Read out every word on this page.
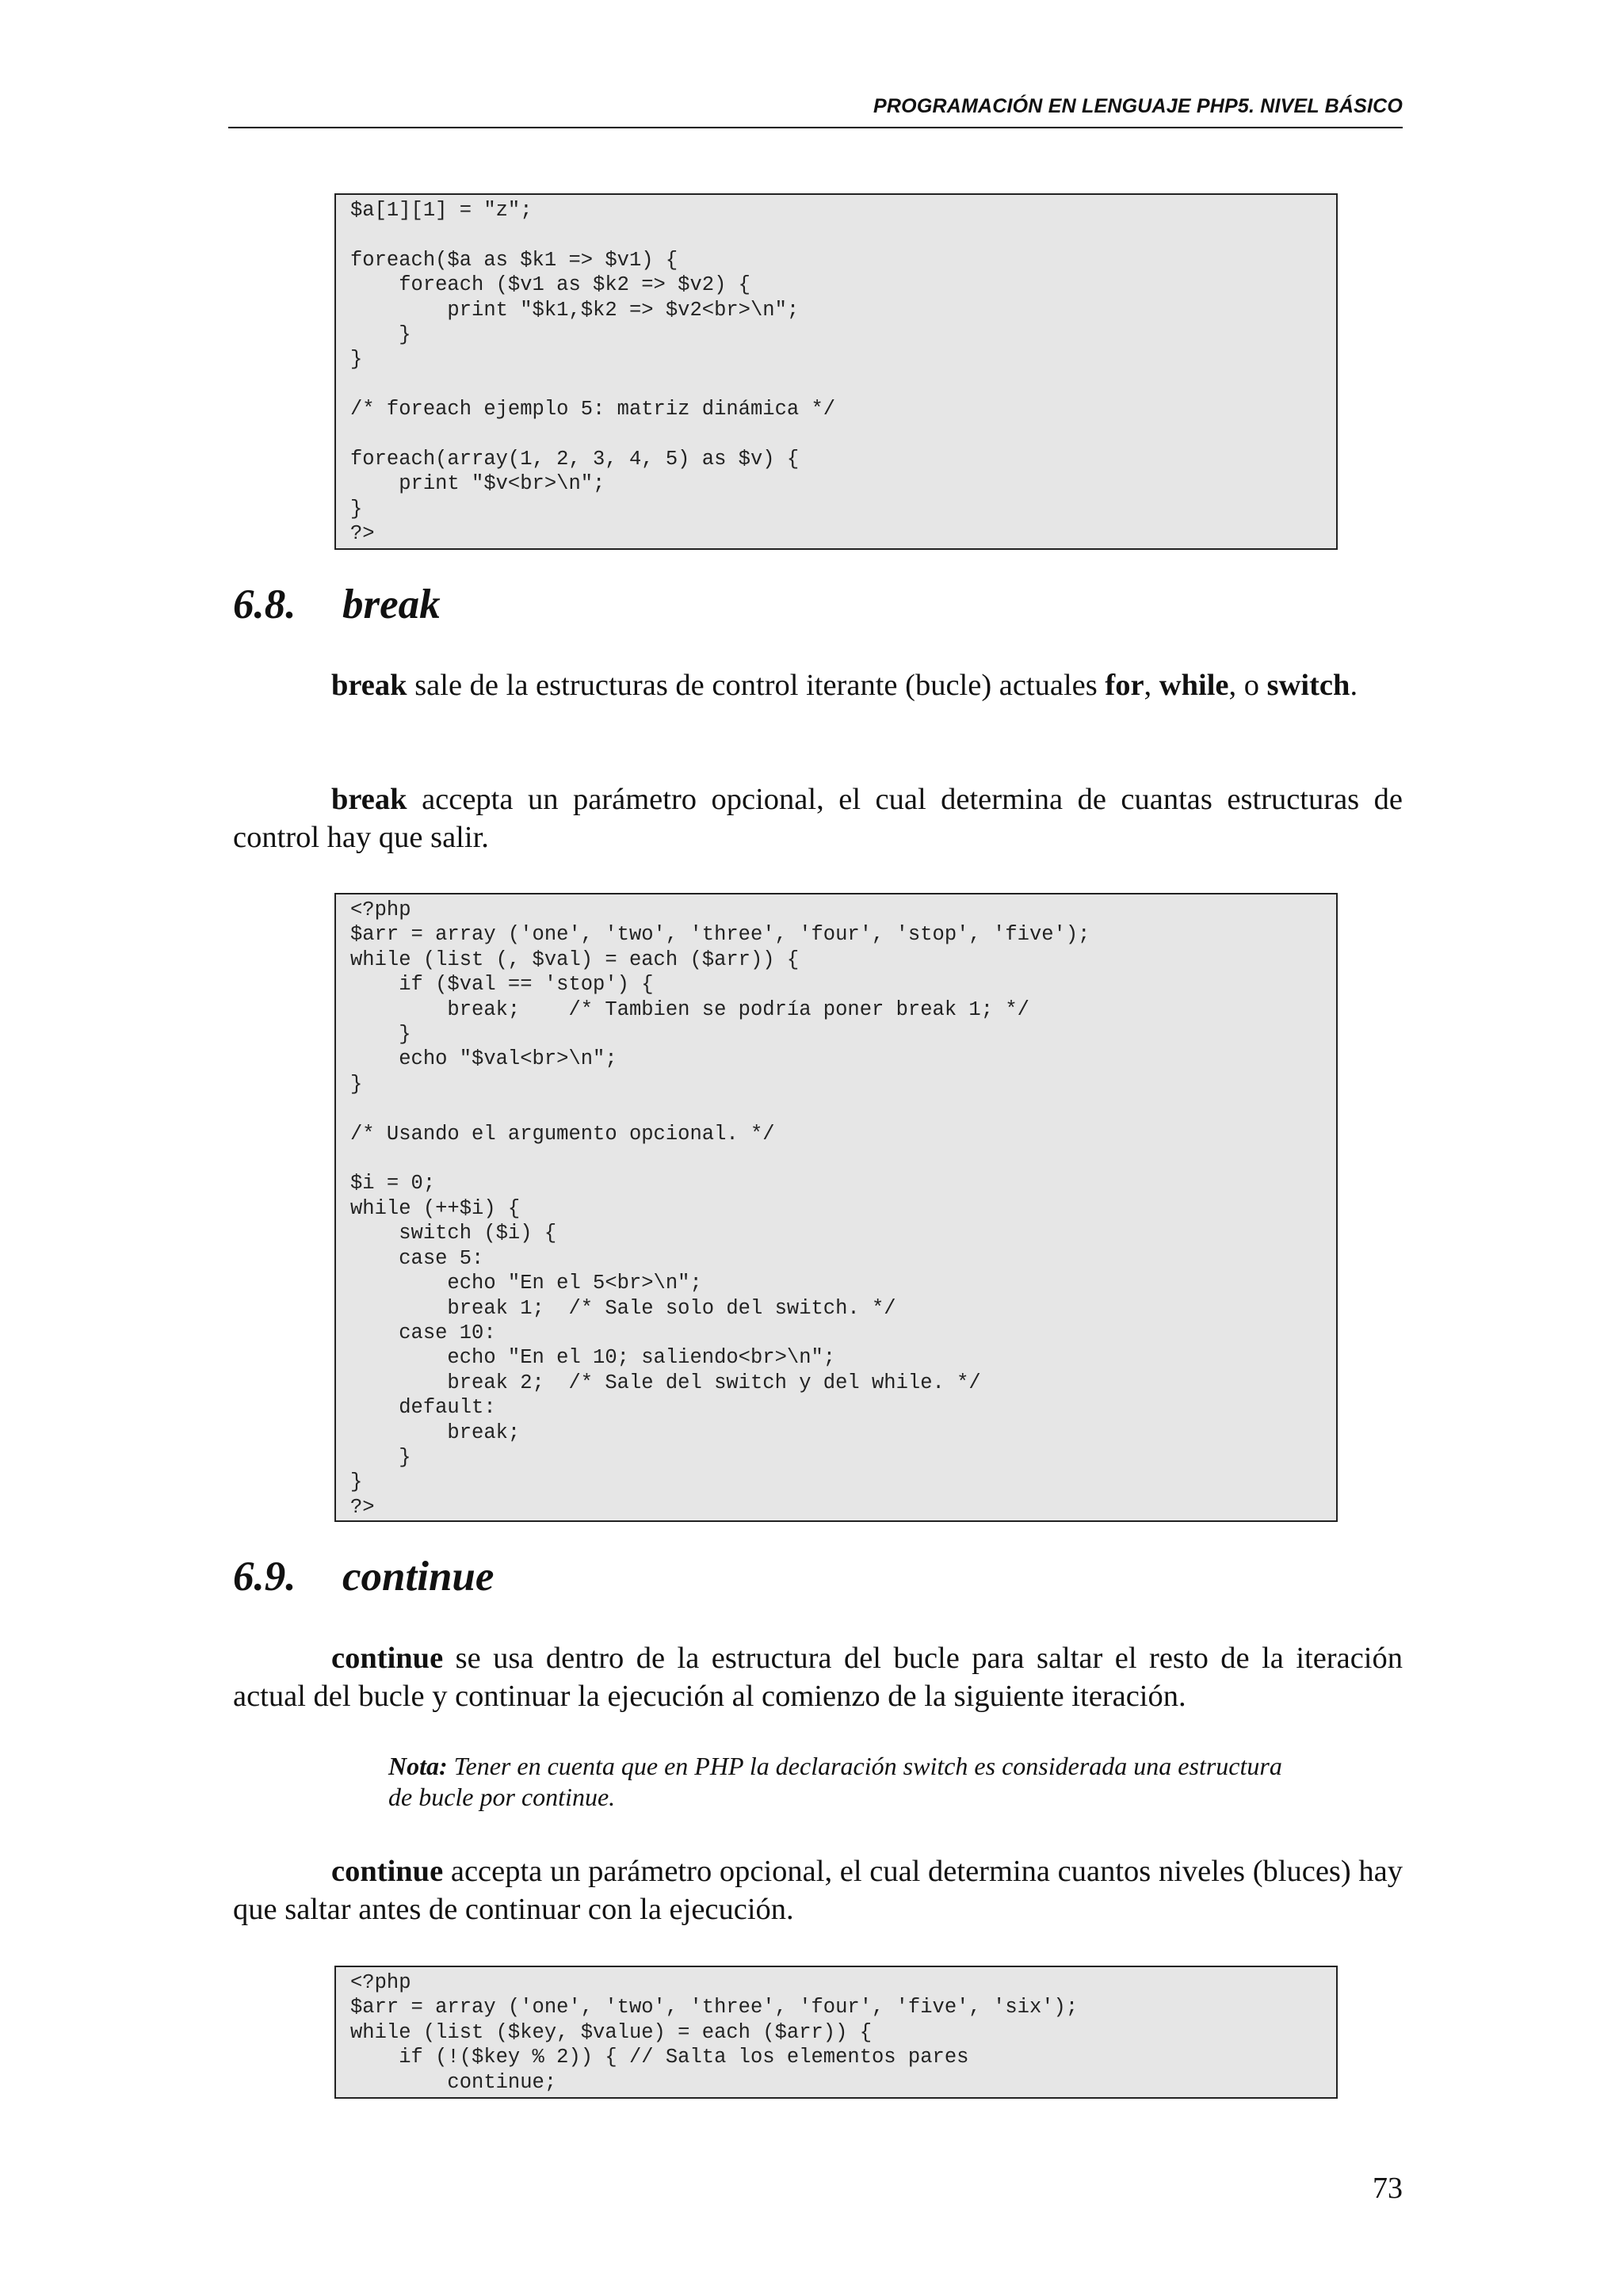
PROGRAMACIÓN EN LENGUAJE PHP5. NIVEL BÁSICO
$a[1][1] = "z";

foreach($a as $k1 => $v1) {
foreach ($v1 as $k2 => $v2) {
print "$k1,$k2 => $v2<br>\n";
}
}

/* foreach ejemplo 5: matriz dinámica */

foreach(array(1, 2, 3, 4, 5) as $v) {
print "$v<br>\n";
}
?>
6.8. break

break sale de la estructuras de control iterante (bucle) actuales for, while, o switch.

break accepta un parámetro opcional, el cual determina de cuantas estructuras de control hay que salir.

<?php
$arr = array ('one', 'two', 'three', 'four', 'stop', 'five');
while (list (, $val) = each ($arr)) {
if ($val == 'stop') {
break;    /* Tambien se podría poner break 1; */
}
echo "$val<br>\n";
}

/* Usando el argumento opcional. */

$i = 0;
while (++$i) {
switch ($i) {
case 5:
echo "En el 5<br>\n";
break 1;  /* Sale solo del switch. */
case 10:
echo "En el 10; saliendo<br>\n";
break 2;  /* Sale del switch y del while. */
default:
break;
}
}
?>
6.9. continue

continue se usa dentro de la estructura del bucle para saltar el resto de la iteración actual del bucle y continuar la ejecución al comienzo de la siguiente iteración.

Nota: Tener en cuenta que en PHP la declaración switch es considerada una estructura de bucle por continue.

continue accepta un parámetro opcional, el cual determina cuantos niveles (bluces) hay que saltar antes de continuar con la ejecución.

<?php
$arr = array ('one', 'two', 'three', 'four', 'five', 'six');
while (list ($key, $value) = each ($arr)) {
if (!($key % 2)) { // Salta los elementos pares
continue;
73
